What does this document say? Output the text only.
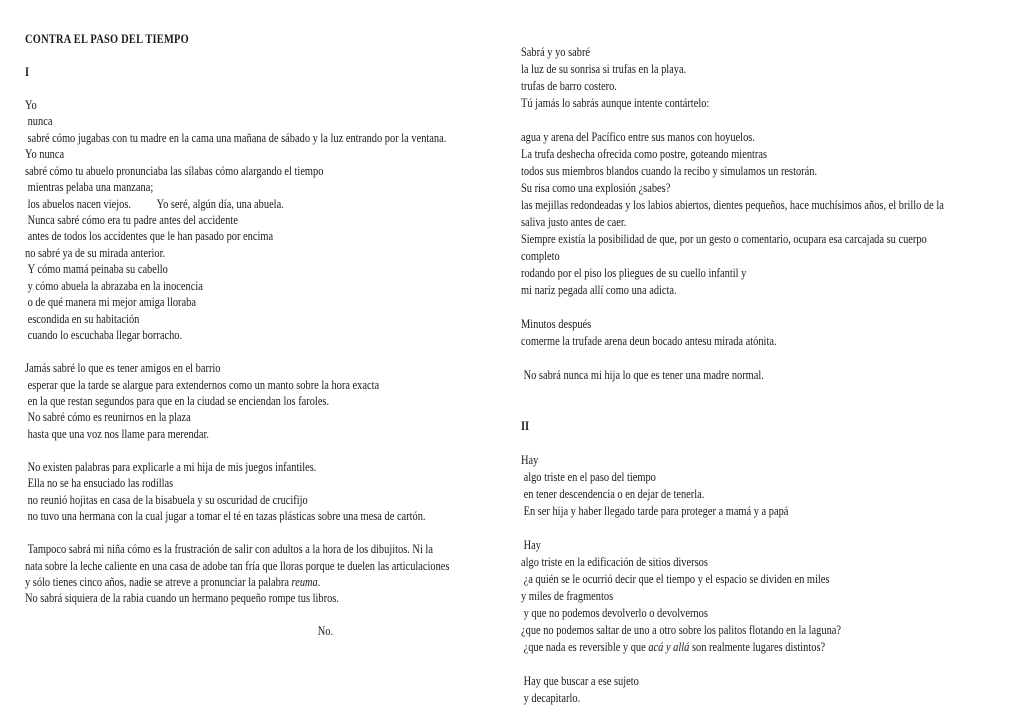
CONTRA EL PASO DEL TIEMPO

I

Yo
nunca
sabré cómo jugabas con tu madre en la cama una mañana de sábado y la luz entrando por la ventana.
Yo nunca
sabré cómo tu abuelo pronunciaba las sílabas cómo alargando el tiempo
mientras pelaba una manzana;
los abuelos nacen viejos.          Yo seré, algún día, una abuela.
Nunca sabré cómo era tu padre antes del accidente
antes de todos los accidentes que le han pasado por encima
no sabré ya de su mirada anterior.
Y cómo mamá peinaba su cabello
y cómo abuela la abrazaba en la inocencia
o de qué manera mi mejor amiga lloraba
escondida en su habitación
cuando lo escuchaba llegar borracho.

Jamás sabré lo que es tener amigos en el barrio
esperar que la tarde se alargue para extendernos como un manto sobre la hora exacta
en la que restan segundos para que en la ciudad se enciendan los faroles.
No sabré cómo es reunirnos en la plaza
hasta que una voz nos llame para merendar.

No existen palabras para explicarle a mi hija de mis juegos infantiles.
Ella no se ha ensuciado las rodillas
no reunió hojitas en casa de la bisabuela y su oscuridad de crucifijo
no tuvo una hermana con la cual jugar a tomar el té en tazas plásticas sobre una mesa de cartón.

Tampoco sabrá mi niña cómo es la frustración de salir con adultos a la hora de los dibujitos. Ni la
nata sobre la leche caliente en una casa de adobe tan fría que lloras porque te duelen las articulaciones
y sólo tienes cinco años, nadie se atreve a pronunciar la palabra reuma.
No sabrá siquiera de la rabia cuando un hermano pequeño rompe tus libros.

No.
Sabrá y yo sabré
la luz de su sonrisa si trufas en la playa.
trufas de barro costero.
Tú jamás lo sabrás aunque intente contártelo:

agua y arena del Pacífico entre sus manos con hoyuelos.
La trufa deshecha ofrecida como postre, goteando mientras
todos sus miembros blandos cuando la recibo y simulamos un restorán.
Su risa como una explosión ¿sabes?
las mejillas redondeadas y los labios abiertos, dientes pequeños, hace muchísimos años, el brillo de la
saliva justo antes de caer.
Siempre existía la posibilidad de que, por un gesto o comentario, ocupara esa carcajada su cuerpo
completo
rodando por el piso los pliegues de su cuello infantil y
mi nariz pegada allí como una adicta.

Minutos después
comerme la trufade arena deun bocado antesu mirada atónita.

No sabrá nunca mi hija lo que es tener una madre normal.

II

Hay
algo triste en el paso del tiempo
en tener descendencia o en dejar de tenerla.
En ser hija y haber llegado tarde para proteger a mamá y a papá

Hay
algo triste en la edificación de sitios diversos
¿a quién se le ocurrió decir que el tiempo y el espacio se dividen en miles
y miles de fragmentos
y que no podemos devolverlo o devolvernos
¿que no podemos saltar de uno a otro sobre los palitos flotando en la laguna?
¿que nada es reversible y que acá y allá son realmente lugares distintos?

Hay que buscar a ese sujeto
y decapitarlo.
